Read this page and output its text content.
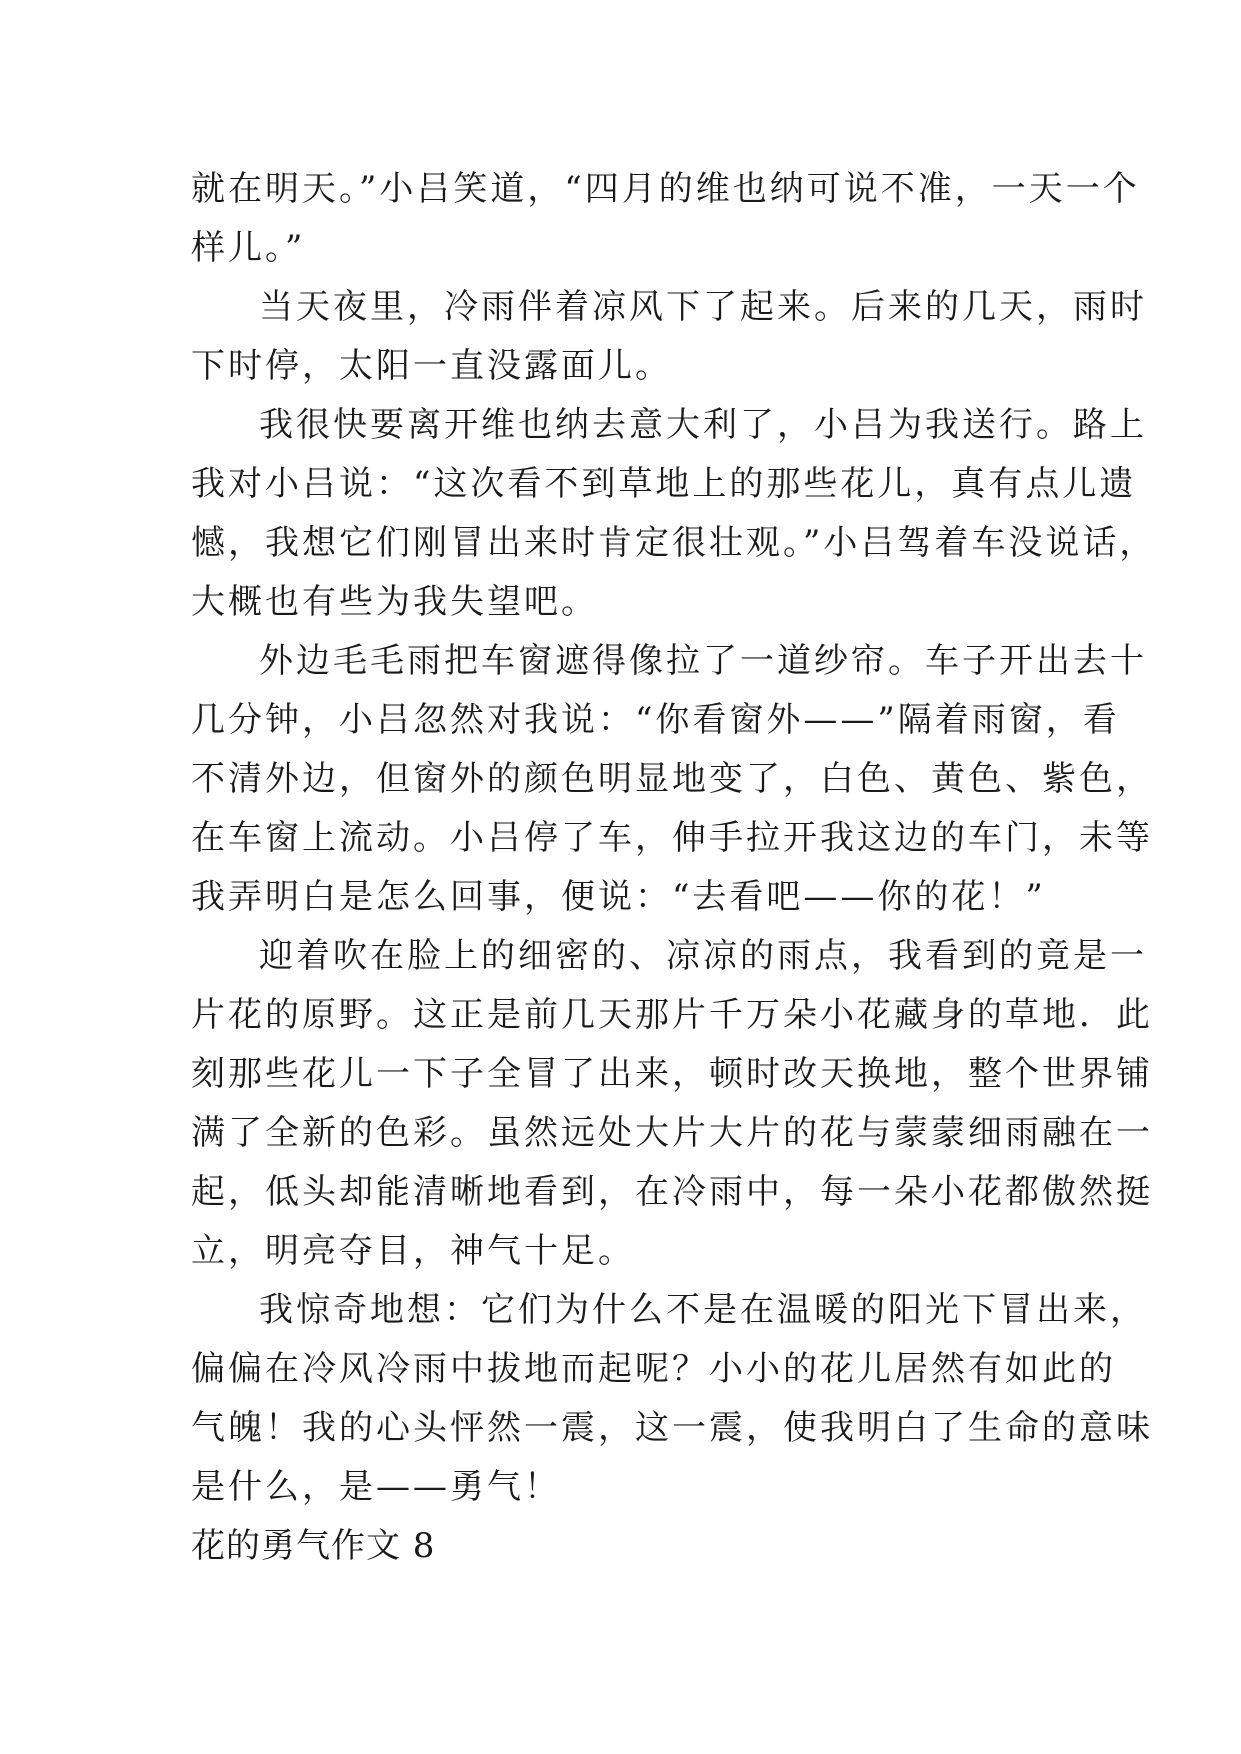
就在明天。”小吕笑道，“四月的维也纳可说不准，一天一个
样儿。”
当天夜里，冷雨伴着凉风下了起来。后来的几天，雨时
下时停，太阳一直没露面儿。
我很快要离开维也纳去意大利了，小吕为我送行。路上
我对小吕说：“这次看不到草地上的那些花儿，真有点儿遗
憾，我想它们刚冒出来时肯定很壮观。”小吕驾着车没说话，
大概也有些为我失望吧。
外边毛毛雨把车窗遮得像拉了一道纱帘。车子开出去十
几分钟，小吕忽然对我说：“你看窗外——”隔着雨窗，看
不清外边，但窗外的颜色明显地变了，白色、黄色、紫色，
在车窗上流动。小吕停了车，伸手拉开我这边的车门，未等
我弄明白是怎么回事，便说：“去看吧——你的花！”
迎着吹在脸上的细密的、凉凉的雨点，我看到的竟是一
片花的原野。这正是前几天那片千万朵小花藏身的草地．此
刻那些花儿一下子全冒了出来，顿时改天换地，整个世界铺
满了全新的色彩。虽然远处大片大片的花与蒙蒙细雨融在一
起，低头却能清晰地看到，在冷雨中，每一朵小花都傲然挺
立，明亮夺目，神气十足。
我惊奇地想：它们为什么不是在温暖的阳光下冒出来，
偏偏在冷风冷雨中拔地而起呢？小小的花儿居然有如此的
气魄！我的心头怦然一震，这一震，使我明白了生命的意味
是什么，是——勇气！
花的勇气作文 8
